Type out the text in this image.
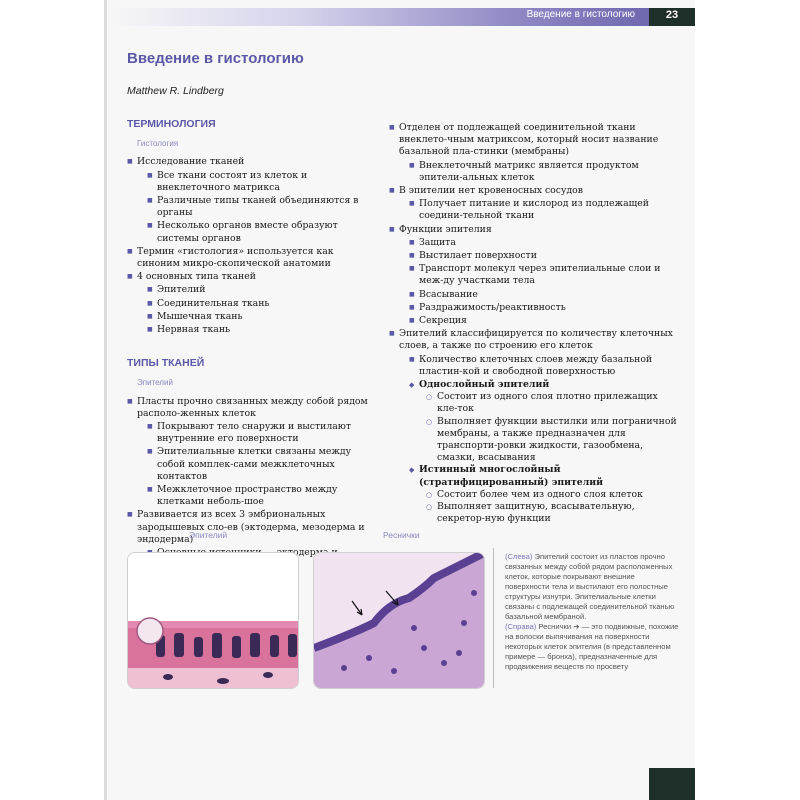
Введение в гистологию	23
Введение в гистологию
Matthew R. Lindberg
ТЕРМИНОЛОГИЯ
Гистология
■ Исследование тканей
■ Все ткани состоят из клеток и внеклеточного матрикса
■ Различные типы тканей объединяются в органы
■ Несколько органов вместе образуют системы органов
■ Термин «гистология» используется как синоним микро-скопической анатомии
■ 4 основных типа тканей
■ Эпителий
■ Соединительная ткань
■ Мышечная ткань
■ Нервная ткань
ТИПЫ ТКАНЕЙ
Эпителий
■ Пласты прочно связанных между собой рядом располо-женных клеток
■ Покрывают тело снаружи и выстилают внутренние его поверхности
■ Эпителиальные клетки связаны между собой комплек-сами межклеточных контактов
■ Межклеточное пространство между клетками неболь-шое
■ Развивается из всех 3 эмбриональных зародышевых сло-ев (эктодерма, мезодерма и эндодерма)
■ эктодерма
■ Отделен от подлежащей соединительной ткани внеклето-чным матриксом, который носит название базальной пла-стинки (мембраны)
■ Внеклеточный матрикс является продуктом эпители-альных клеток
■ В эпителии нет кровеносных сосудов
■ Получает питание и кислород из подлежащей соедини-тельной ткани
■ Функции эпителия
■ Защита
■ Выстилает поверхности
■ Транспорт молекул через эпителиальные слои и меж-ду участками тела
■ Всасывание
■ Раздражимость/реактивность
■ Секреция
■ Эпителий классифицируется по количеству клеточных слоев, а также по строению его клеток
■ Количество клеточных слоев между базальной пластин-кой и свободной поверхностью
◆ Однослойный эпителий
○ Состоит из одного слоя плотно прилежащих кле-ток
○ Выполняет функции выстилки или пограничной мембраны, а также предназначен для транспорти-ровки жидкости, газообмена, смазки, всасывания
◆ Истинный многослойный (стратифицированный) эпителий
○ Состоит более чем из одного слоя клеток
○ Выполняет защитную, всасывательную, секретор-ную функции
Эпителий	Реснички
(Слева) Эпителий состоит из пластов прочно связанных между собой рядом расположенных клеток, которые покрывают внешние поверхности тела и выстилают его полостные структуры изнутри. Эпителиальные клетки связаны с подлежащей соединительной тканью базальной мембраной.
(Справа) Реснички ➔ — это подвижные, похожие на волоски выпячивания на поверхности некоторых клеток эпителия (в представленном примере — бронха), предназначенные для продвижения веществ по просвету
